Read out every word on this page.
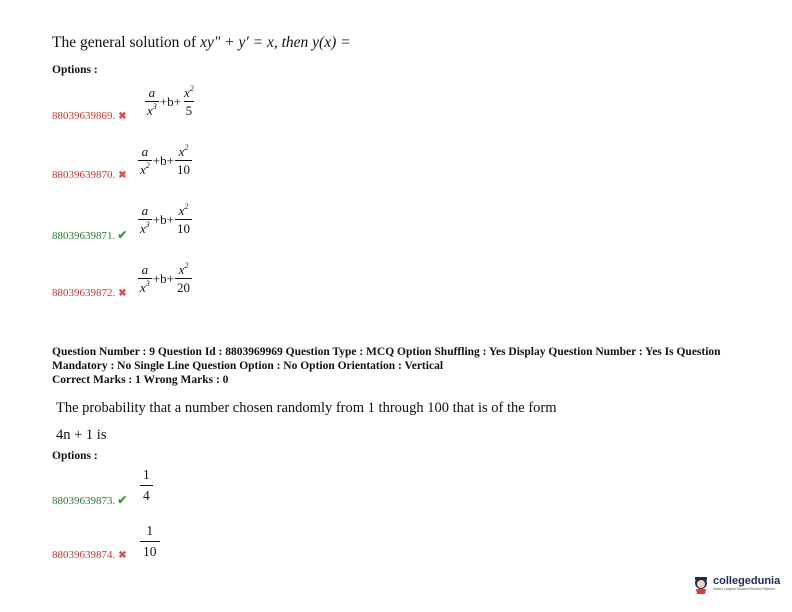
The general solution of xy″ + y′ = x, then y(x) =
Options :
$\frac{a}{x^3} +b+ \frac{x^2}{5}$
88039639869. ✖
$\frac{a}{x^2} +b+ \frac{x^2}{10}$
88039639870. ✖
$\frac{a}{x^3} +b+ \frac{x^2}{10}$
88039639871. ✔
$\frac{a}{x^3} +b+ \frac{x^2}{20}$
88039639872. ✖
Question Number : 9 Question Id : 8803969969 Question Type : MCQ Option Shuffling : Yes Display Question Number : Yes Is Question
Mandatory : No Single Line Question Option : No Option Orientation : Vertical
Correct Marks : 1 Wrong Marks : 0
The probability that a number chosen randomly from 1 through 100 that is of the form
4n + 1 is
Options :
$\frac{1}{4}$
88039639873. ✔
$\frac{1}{10}$
88039639874. ✖
collegedunia
India's Largest Student Review Platform
